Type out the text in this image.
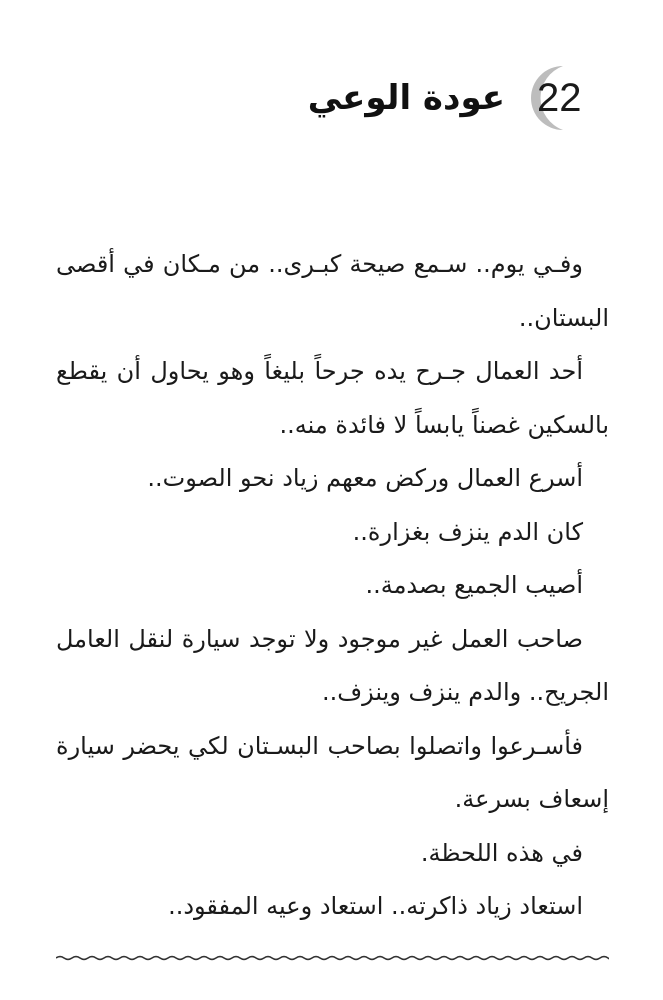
22
عودة الوعي

وفـي يوم.. سـمع صيحة كبـرى.. من مـكان في أقصى البستان..

أحد العمال جـرح يده جرحاً بليغاً وهو يحاول أن يقطع بالسكين غصناً يابساً لا فائدة منه..

أسرع العمال وركض معهم زياد نحو الصوت..

كان الدم ينزف بغزارة..

أصيب الجميع بصدمة..

صاحب العمل غير موجود ولا توجد سيارة لنقل العامل الجريح.. والدم ينزف وينزف..

فأسـرعوا واتصلوا بصاحب البسـتان لكي يحضر سيارة إسعاف بسرعة.

في هذه اللحظة.

استعاد زياد ذاكرته.. استعاد وعيه المفقود..
